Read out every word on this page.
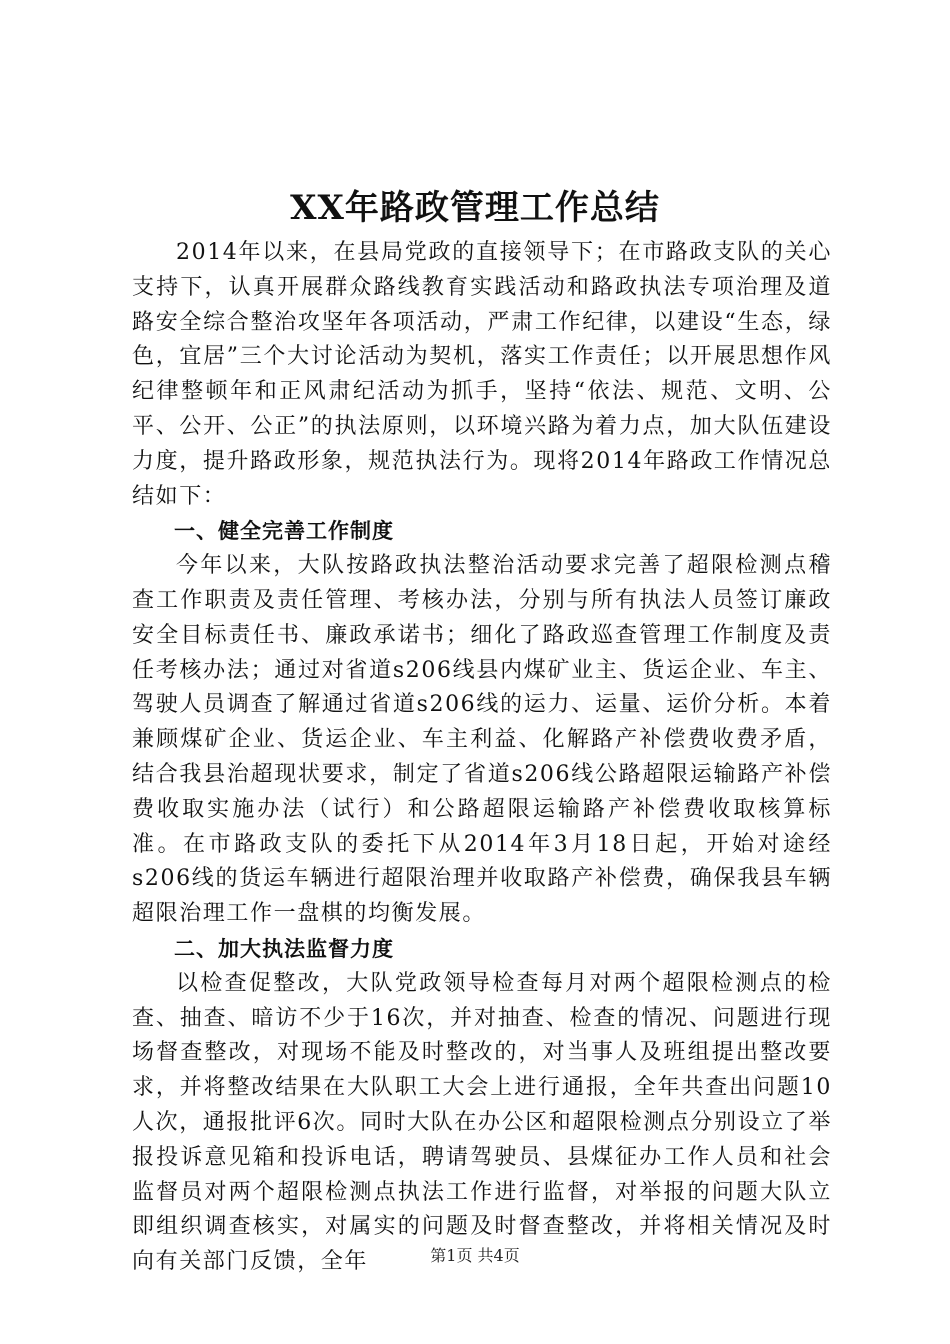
XX年路政管理工作总结

2014年以来，在县局党政的直接领导下；在市路政支队的关心支持下，认真开展群众路线教育实践活动和路政执法专项治理及道路安全综合整治攻坚年各项活动，严肃工作纪律，以建设“生态，绿色，宜居”三个大讨论活动为契机，落实工作责任；以开展思想作风纪律整顿年和正风肃纪活动为抓手，坚持“依法、规范、文明、公平、公开、公正”的执法原则，以环境兴路为着力点，加大队伍建设力度，提升路政形象，规范执法行为。现将2014年路政工作情况总结如下：

一、健全完善工作制度

今年以来，大队按路政执法整治活动要求完善了超限检测点稽查工作职责及责任管理、考核办法，分别与所有执法人员签订廉政安全目标责任书、廉政承诺书；细化了路政巡查管理工作制度及责任考核办法；通过对省道s206线县内煤矿业主、货运企业、车主、驾驶人员调查了解通过省道s206线的运力、运量、运价分析。本着兼顾煤矿企业、货运企业、车主利益、化解路产补偿费收费矛盾，结合我县治超现状要求，制定了省道s206线公路超限运输路产补偿费收取实施办法（试行）和公路超限运输路产补偿费收取核算标准。在市路政支队的委托下从2014年3月18日起，开始对途经s206线的货运车辆进行超限治理并收取路产补偿费，确保我县车辆超限治理工作一盘棋的均衡发展。

二、加大执法监督力度

以检查促整改，大队党政领导检查每月对两个超限检测点的检查、抽查、暗访不少于16次，并对抽查、检查的情况、问题进行现场督查整改，对现场不能及时整改的，对当事人及班组提出整改要求，并将整改结果在大队职工大会上进行通报，全年共查出问题10人次，通报批评6次。同时大队在办公区和超限检测点分别设立了举报投诉意见箱和投诉电话，聘请驾驶员、县煤征办工作人员和社会监督员对两个超限检测点执法工作进行监督，对举报的问题大队立即组织调查核实，对属实的问题及时督查整改，并将相关情况及时向有关部门反馈，全年	第1页 共4页
